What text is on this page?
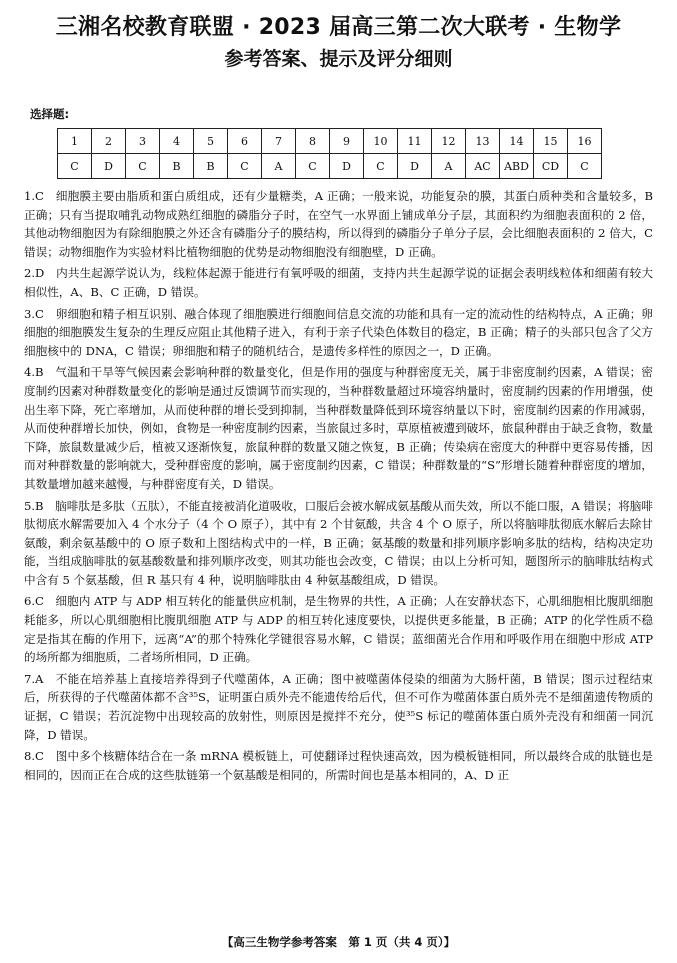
三湘名校教育联盟 · 2023 届高三第二次大联考 · 生物学
参考答案、提示及评分细则
选择题:
1	2	3	4	5	6	7	8	9	10	11	12	13	14	15	16
C	D	C	B	B	C	A	C	D	C	D	A	AC	ABD	CD	C
1.C　细胞膜主要由脂质和蛋白质组成，还有少量糖类，A 正确；一般来说，功能复杂的膜，其蛋白质种类和含量较多，B 正确；只有当提取哺乳动物成熟红细胞的磷脂分子时，在空气一水界面上铺成单分子层，其面积约为细胞表面积的 2 倍，其他动物细胞因为有除细胞膜之外还含有磷脂分子的膜结构，所以得到的磷脂分子单分子层，会比细胞表面积的 2 倍大，C 错误；动物细胞作为实验材料比植物细胞的优势是动物细胞没有细胞壁，D 正确。
2.D　内共生起源学说认为，线粒体起源于能进行有氧呼吸的细菌，支持内共生起源学说的证据会表明线粒体和细菌有较大相似性，A、B、C 正确，D 错误。
3.C　卵细胞和精子相互识别、融合体现了细胞膜进行细胞间信息交流的功能和具有一定的流动性的结构特点，A 正确；卵细胞的细胞膜发生复杂的生理反应阻止其他精子进入，有利于亲子代染色体数目的稳定，B 正确；精子的头部只包含了父方细胞核中的 DNA，C 错误；卵细胞和精子的随机结合，是遗传多样性的原因之一，D 正确。
4.B　气温和干旱等气候因素会影响种群的数量变化，但是作用的强度与种群密度无关，属于非密度制约因素，A 错误；密度制约因素对种群数量变化的影响是通过反馈调节而实现的，当种群数量超过环境容纳量时，密度制约因素的作用增强，使出生率下降，死亡率增加，从而使种群的增长受到抑制，当种群数量降低到环境容纳量以下时，密度制约因素的作用减弱，从而使种群增长加快，例如，食物是一种密度制约因素，当旅鼠过多时，草原植被遭到破坏，旅鼠种群由于缺乏食物，数量下降，旅鼠数量减少后，植被又逐渐恢复，旅鼠种群的数量又随之恢复，B 正确；传染病在密度大的种群中更容易传播，因而对种群数量的影响就大，受种群密度的影响，属于密度制约因素，C 错误；种群数量的“S”形增长随着种群密度的增加，其数量增加越来越慢，与种群密度有关，D 错误。
5.B　脑啡肽是多肽（五肽），不能直接被消化道吸收，口服后会被水解成氨基酸从而失效，所以不能口服，A 错误；将脑啡肽彻底水解需要加入 4 个水分子（4 个 O 原子），其中有 2 个甘氨酸，共含 4 个 O 原子，所以将脑啡肽彻底水解后去除甘氨酸，剩余氨基酸中的 O 原子数和上图结构式中的一样，B 正确；氨基酸的数量和排列顺序影响多肽的结构，结构决定功能，当组成脑啡肽的氨基酸数量和排列顺序改变，则其功能也会改变，C 错误；由以上分析可知，题图所示的脑啡肽结构式中含有 5 个氨基酸，但 R 基只有 4 种，说明脑啡肽由 4 种氨基酸组成，D 错误。
6.C　细胞内 ATP 与 ADP 相互转化的能量供应机制，是生物界的共性，A 正确；人在安静状态下，心肌细胞相比腹肌细胞耗能多，所以心肌细胞相比腹肌细胞 ATP 与 ADP 的相互转化速度要快，以提供更多能量，B 正确；ATP 的化学性质不稳定是指其在酶的作用下，远离“A”的那个特殊化学键很容易水解，C 错误；蓝细菌光合作用和呼吸作用在细胞中形成 ATP 的场所都为细胞质，二者场所相同，D 正确。
7.A　不能在培养基上直接培养得到子代噬菌体，A 正确；图中被噬菌体侵染的细菌为大肠杆菌，B 错误；图示过程结束后，所获得的子代噬菌体都不含³⁵S，证明蛋白质外壳不能遗传给后代，但不可作为噬菌体蛋白质外壳不是细菌遗传物质的证据，C 错误；若沉淀物中出现较高的放射性，则原因是搅拌不充分，使³⁵S 标记的噬菌体蛋白质外壳没有和细菌一同沉降，D 错误。
8.C　图中多个核糖体结合在一条 mRNA 模板链上，可使翻译过程快速高效，因为模板链相同，所以最终合成的肽链也是相同的，因而正在合成的这些肽链第一个氨基酸是相同的，所需时间也是基本相同的，A、D 正
【高三生物学参考答案　第 1 页（共 4 页）】
